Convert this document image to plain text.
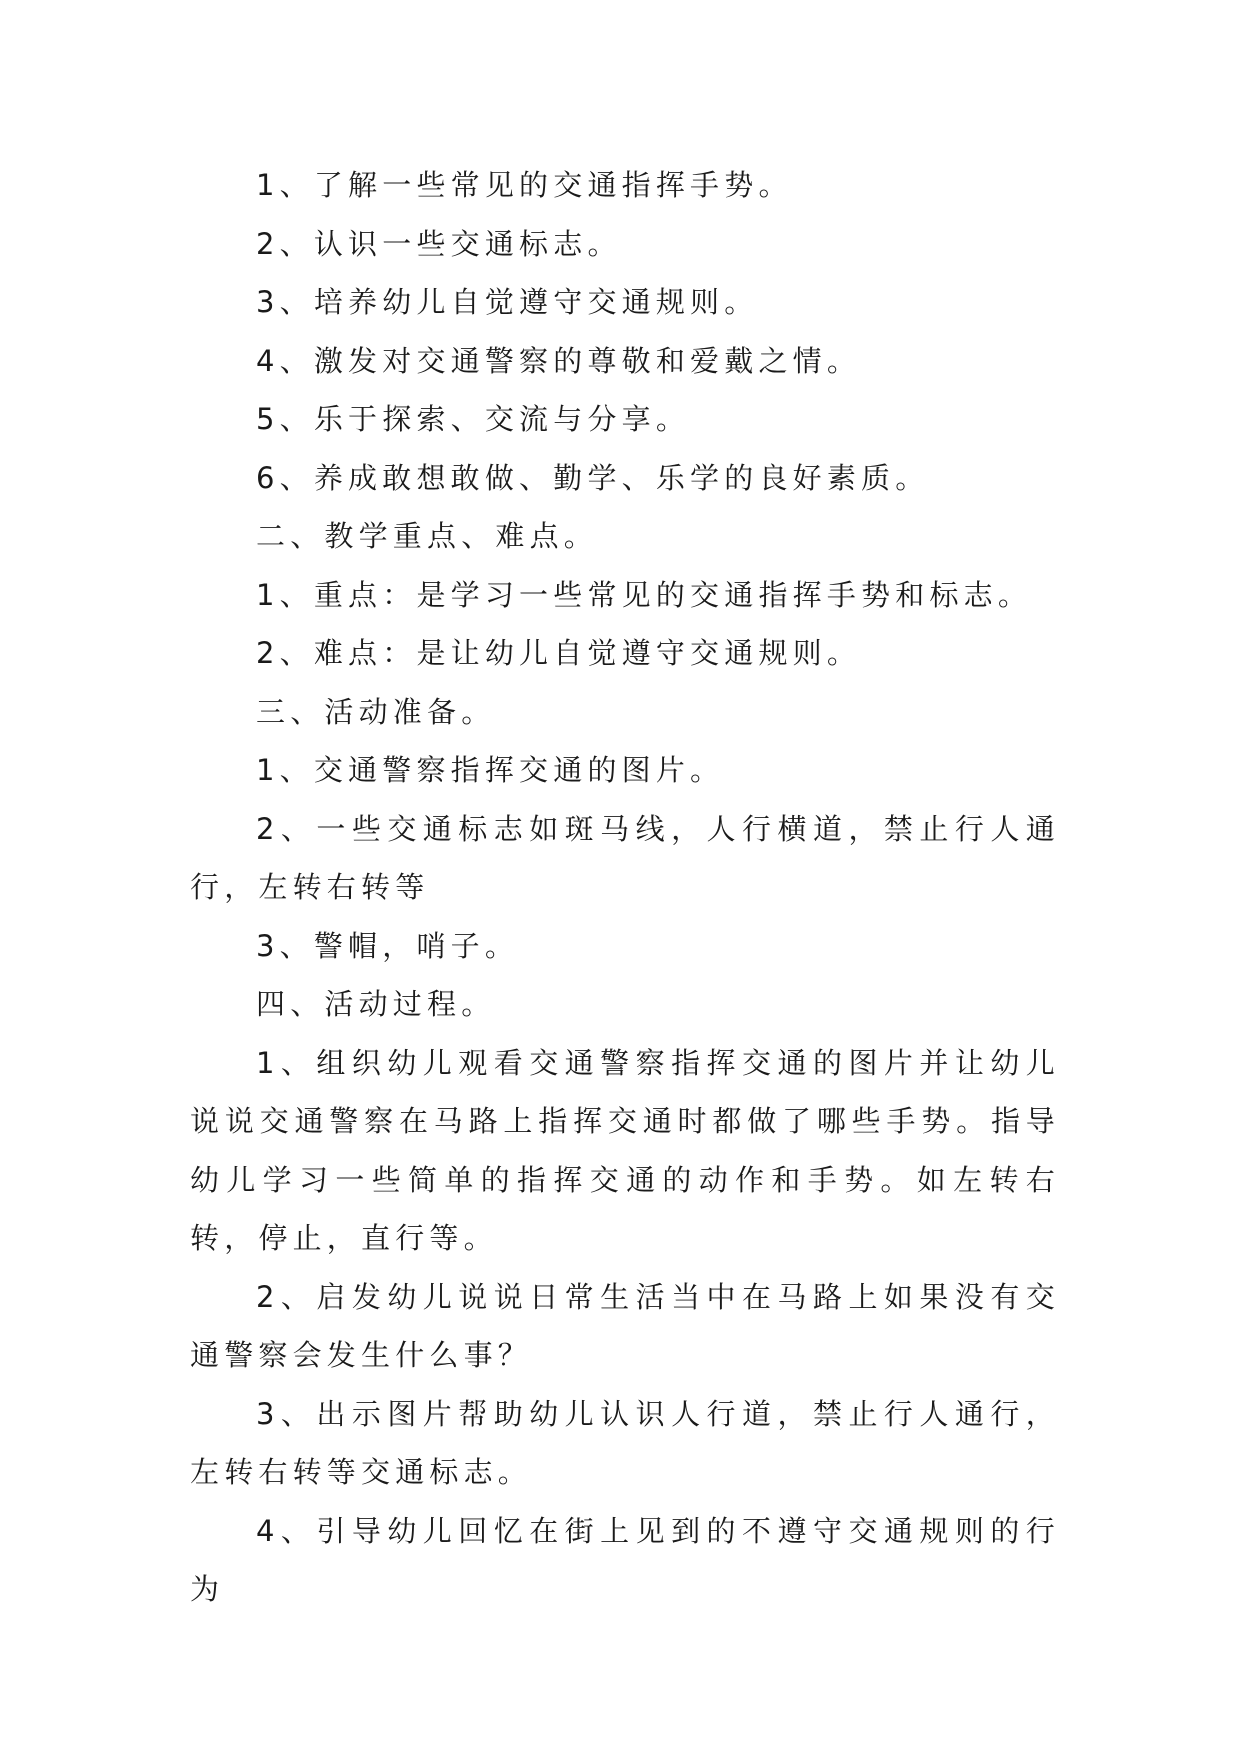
1、了解一些常见的交通指挥手势。

2、认识一些交通标志。

3、培养幼儿自觉遵守交通规则。

4、激发对交通警察的尊敬和爱戴之情。

5、乐于探索、交流与分享。

6、养成敢想敢做、勤学、乐学的良好素质。

二、教学重点、难点。

1、重点：是学习一些常见的交通指挥手势和标志。

2、难点：是让幼儿自觉遵守交通规则。

三、活动准备。

1、交通警察指挥交通的图片。

2、一些交通标志如斑马线，人行横道，禁止行人通行，左转右转等

3、警帽，哨子。

四、活动过程。

1、组织幼儿观看交通警察指挥交通的图片并让幼儿说说交通警察在马路上指挥交通时都做了哪些手势。指导幼儿学习一些简单的指挥交通的动作和手势。如左转右转，停止，直行等。

2、启发幼儿说说日常生活当中在马路上如果没有交通警察会发生什么事？

3、出示图片帮助幼儿认识人行道，禁止行人通行，左转右转等交通标志。

4、引导幼儿回忆在街上见到的不遵守交通规则的行为
